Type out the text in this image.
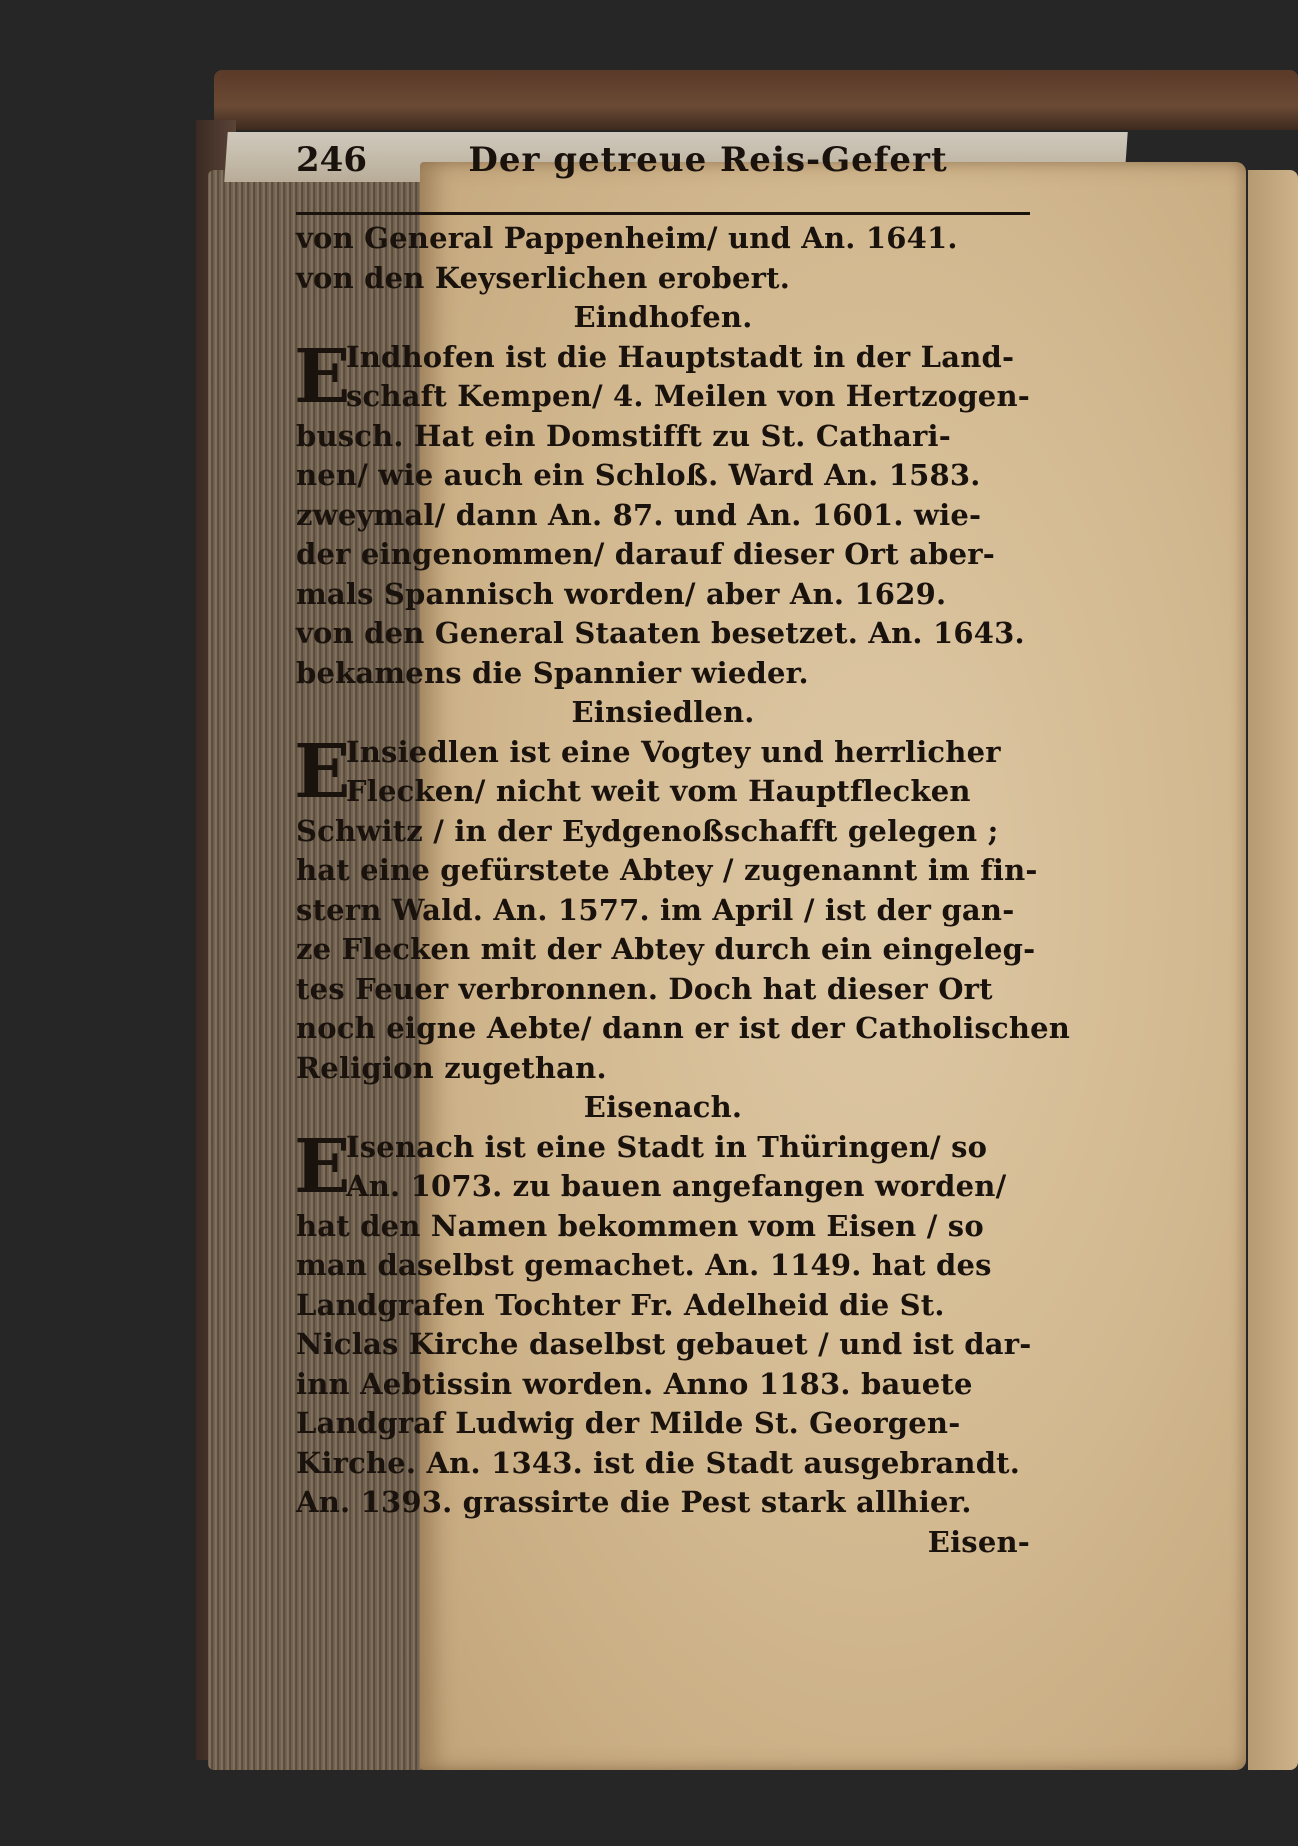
246	Der getreue Reis-Gefert
von General Pappenheim/ und An. 1641.
von den Keyserlichen erobert.
Eindhofen.
E
Indhofen ist die Hauptstadt in der Land-
schaft Kempen/ 4. Meilen von Hertzogen-
busch. Hat ein Domstifft zu St. Cathari-
nen/ wie auch ein Schloß. Ward An. 1583.
zweymal/ dann An. 87. und An. 1601. wie-
der eingenommen/ darauf dieser Ort aber-
mals Spannisch worden/ aber An. 1629.
von den General Staaten besetzet. An. 1643.
bekamens die Spannier wieder.
Einsiedlen.
E
Insiedlen ist eine Vogtey und herrlicher
Flecken/ nicht weit vom Hauptflecken
Schwitz / in der Eydgenoßschafft gelegen ;
hat eine gefürstete Abtey / zugenannt im fin-
stern Wald. An. 1577. im April / ist der gan-
ze Flecken mit der Abtey durch ein eingeleg-
tes Feuer verbronnen. Doch hat dieser Ort
noch eigne Aebte/ dann er ist der Catholischen
Religion zugethan.
Eisenach.
E
Isenach ist eine Stadt in Thüringen/ so
An. 1073. zu bauen angefangen worden/
hat den Namen bekommen vom Eisen / so
man daselbst gemachet. An. 1149. hat des
Landgrafen Tochter Fr. Adelheid die St.
Niclas Kirche daselbst gebauet / und ist dar-
inn Aebtissin worden. Anno 1183. bauete
Landgraf Ludwig der Milde St. Georgen-
Kirche. An. 1343. ist die Stadt ausgebrandt.
An. 1393. grassirte die Pest stark allhier.
Eisen-
